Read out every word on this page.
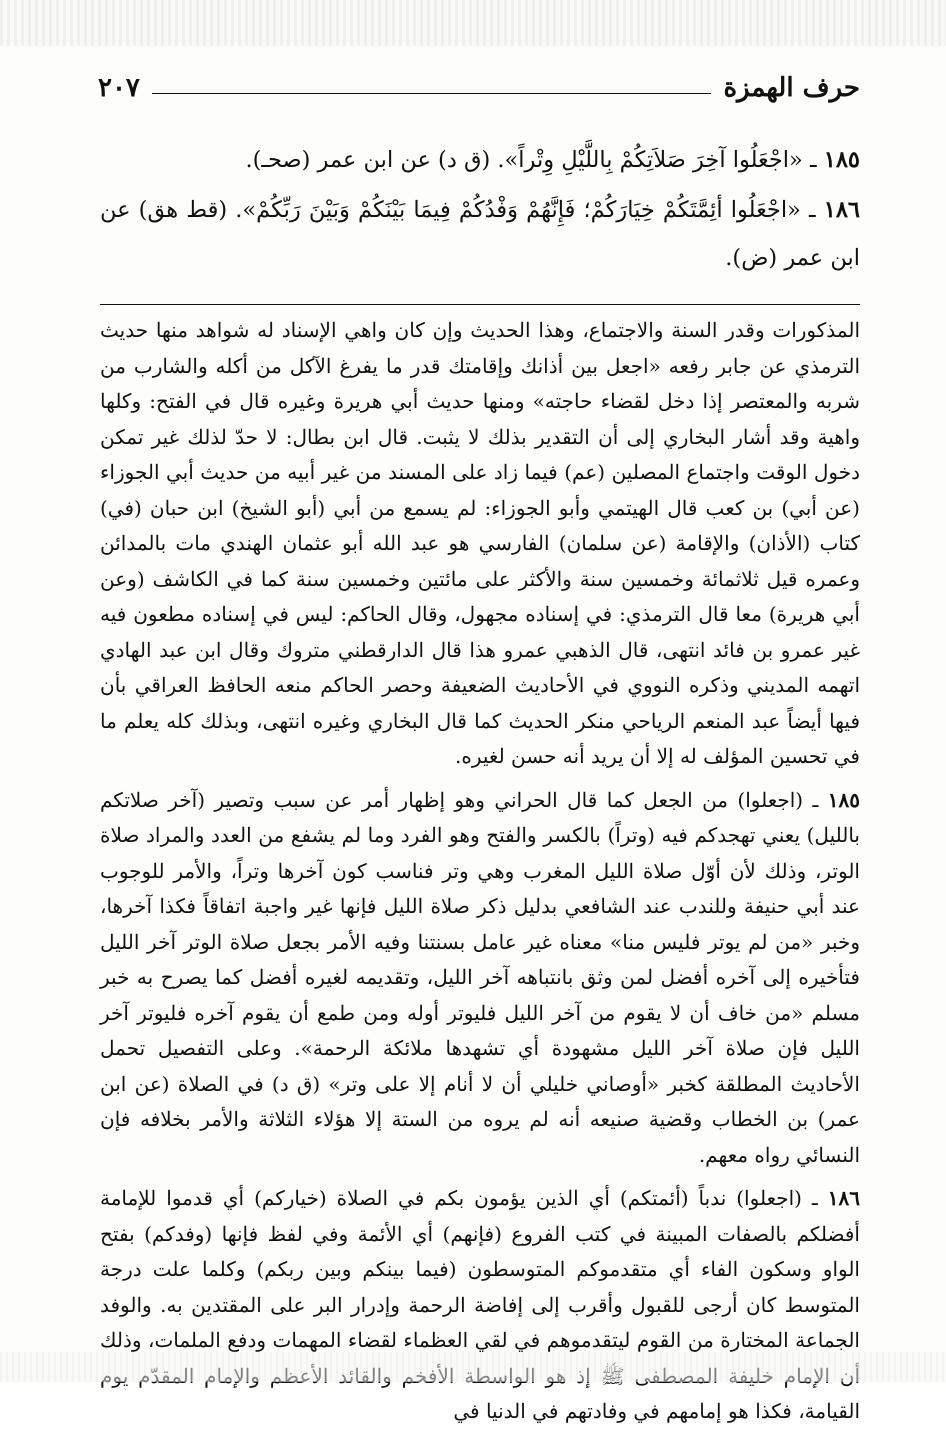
حرف الهمزة
٢٠٧

١٨٥ ـ «اجْعَلُوا آخِرَ صَلاَتِكُمْ بِاللَّيْلِ وِتْراً». (ق د) عن ابن عمر (صحـ).

١٨٦ ـ «اجْعَلُوا أئِمَّتَكُمْ خِيَارَكُمْ؛ فَإِنَّهُمْ وَفْدُكُمْ فِيمَا بَيْنَكُمْ وَبَيْنَ رَبِّكُمْ». (قط هق) عن ابن عمر (ض).

المذكورات وقدر السنة والاجتماع، وهذا الحديث وإن كان واهي الإسناد له شواهد منها حديث الترمذي عن جابر رفعه «اجعل بين أذانك وإقامتك قدر ما يفرغ الآكل من أكله والشارب من شربه والمعتصر إذا دخل لقضاء حاجته» ومنها حديث أبي هريرة وغيره قال في الفتح: وكلها واهية وقد أشار البخاري إلى أن التقدير بذلك لا يثبت. قال ابن بطال: لا حدّ لذلك غير تمكن دخول الوقت واجتماع المصلين (عم) فيما زاد على المسند من غير أبيه من حديث أبي الجوزاء (عن أبي) بن كعب قال الهيتمي وأبو الجوزاء: لم يسمع من أبي (أبو الشيخ) ابن حبان (في) كتاب (الأذان) والإقامة (عن سلمان) الفارسي هو عبد الله أبو عثمان الهندي مات بالمدائن وعمره قيل ثلاثمائة وخمسين سنة والأكثر على مائتين وخمسين سنة كما في الكاشف (وعن أبي هريرة) معا قال الترمذي: في إسناده مجهول، وقال الحاكم: ليس في إسناده مطعون فيه غير عمرو بن فائد انتهى، قال الذهبي عمرو هذا قال الدارقطني متروك وقال ابن عبد الهادي اتهمه المديني وذكره النووي في الأحاديث الضعيفة وحصر الحاكم منعه الحافظ العراقي بأن فيها أيضاً عبد المنعم الرياحي منكر الحديث كما قال البخاري وغيره انتهى، وبذلك كله يعلم ما في تحسين المؤلف له إلا أن يريد أنه حسن لغيره.

١٨٥ ـ (اجعلوا) من الجعل كما قال الحراني وهو إظهار أمر عن سبب وتصير (آخر صلاتكم بالليل) يعني تهجدكم فيه (وتراً) بالكسر والفتح وهو الفرد وما لم يشفع من العدد والمراد صلاة الوتر، وذلك لأن أوّل صلاة الليل المغرب وهي وتر فناسب كون آخرها وتراً، والأمر للوجوب عند أبي حنيفة وللندب عند الشافعي بدليل ذكر صلاة الليل فإنها غير واجبة اتفاقاً فكذا آخرها، وخبر «من لم يوتر فليس منا» معناه غير عامل بسنتنا وفيه الأمر بجعل صلاة الوتر آخر الليل فتأخيره إلى آخره أفضل لمن وثق بانتباهه آخر الليل، وتقديمه لغيره أفضل كما يصرح به خبر مسلم «من خاف أن لا يقوم من آخر الليل فليوتر أوله ومن طمع أن يقوم آخره فليوتر آخر الليل فإن صلاة آخر الليل مشهودة أي تشهدها ملائكة الرحمة». وعلى التفصيل تحمل الأحاديث المطلقة كخبر «أوصاني خليلي أن لا أنام إلا على وتر» (ق د) في الصلاة (عن ابن عمر) بن الخطاب وقضية صنيعه أنه لم يروه من الستة إلا هؤلاء الثلاثة والأمر بخلافه فإن النسائي رواه معهم.

١٨٦ ـ (اجعلوا) ندباً (أئمتكم) أي الذين يؤمون بكم في الصلاة (خياركم) أي قدموا للإمامة أفضلكم بالصفات المبينة في كتب الفروع (فإنهم) أي الأئمة وفي لفظ فإنها (وفدكم) بفتح الواو وسكون الفاء أي متقدموكم المتوسطون (فيما بينكم وبين ربكم) وكلما علت درجة المتوسط كان أرجى للقبول وأقرب إلى إفاضة الرحمة وإدرار البر على المقتدين به. والوفد الجماعة المختارة من القوم ليتقدموهم في لقي العظماء لقضاء المهمات ودفع الملمات، وذلك القيامة، فكذا هو إمامهم في وفادتهم في الدنيا في
